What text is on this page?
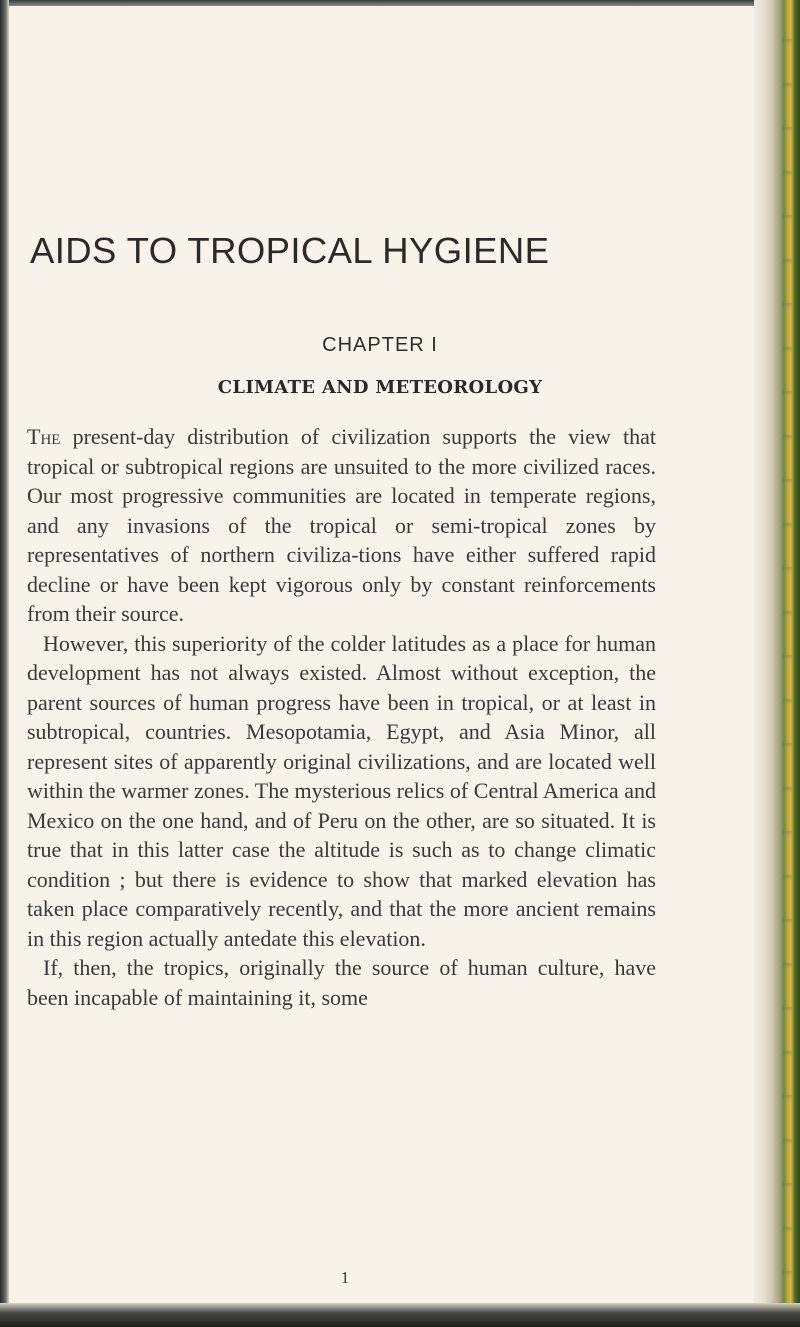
AIDS TO TROPICAL HYGIENE
CHAPTER I
CLIMATE AND METEOROLOGY

The present-day distribution of civilization supports the view that tropical or subtropical regions are unsuited to the more civilized races. Our most progressive communities are located in temperate regions, and any invasions of the tropical or semi-tropical zones by representatives of northern civiliza-tions have either suffered rapid decline or have been kept vigorous only by constant reinforcements from their source.

However, this superiority of the colder latitudes as a place for human development has not always existed. Almost without exception, the parent sources of human progress have been in tropical, or at least in subtropical, countries. Mesopotamia, Egypt, and Asia Minor, all represent sites of apparently original civilizations, and are located well within the warmer zones. The mysterious relics of Central America and Mexico on the one hand, and of Peru on the other, are so situated. It is true that in this latter case the altitude is such as to change climatic condition ; but there is evidence to show that marked elevation has taken place comparatively recently, and that the more ancient remains in this region actually antedate this elevation.

If, then, the tropics, originally the source of human culture, have been incapable of maintaining it, some

1
